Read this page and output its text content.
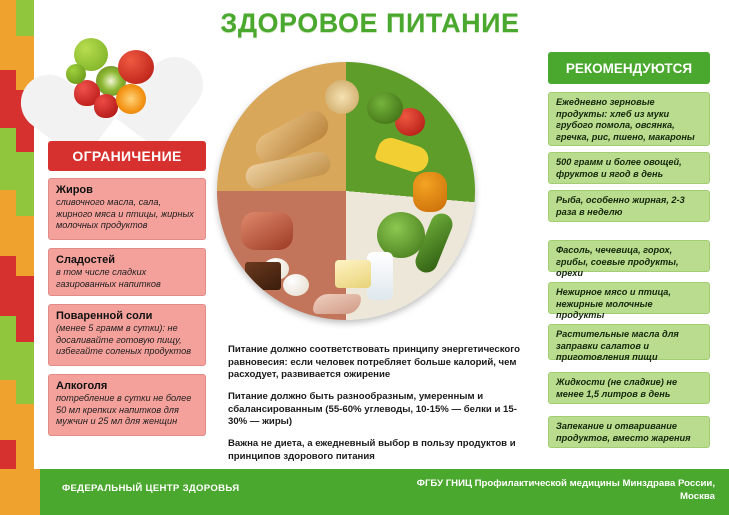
ЗДОРОВОЕ ПИТАНИЕ
ОГРАНИЧЕНИЕ
Жиров
сливочного масла, сала, жирного мяса и птицы, жирных молочных продуктов
Сладостей
в том числе сладких газированных напитков
Поваренной соли
(менее 5 грамм в сутки): не досаливайте готовую пищу, избегайте соленых продуктов
Алкоголя
потребление в сутки не более 50 мл крепких напитков для мужчин и 25 мл для женщин
РЕКОМЕНДУЮТСЯ
Ежедневно зерновые продукты: хлеб из муки грубого помола, овсянка, гречка, рис, пшено, макароны
500 грамм и более овощей, фруктов и ягод в день
Рыба, особенно жирная, 2-3 раза в неделю
Фасоль, чечевица, горох, грибы, соевые продукты, орехи
Нежирное мясо и птица, нежирные молочные продукты
Растительные масла для заправки салатов и приготовления пищи
Жидкости (не сладкие) не менее 1,5 литров в день
Запекание и отваривание продуктов, вместо жарения

Питание должно соответствовать принципу энергетического равновесия: если человек потребляет больше калорий, чем расходует, развивается ожирение

Питание должно быть разнообразным, умеренным и сбалансированным (55-60% углеводы, 10-15% — белки и 15-30% — жиры)

Важна не диета, а ежедневный выбор в пользу продуктов и принципов здорового питания

ФЕДЕРАЛЬНЫЙ ЦЕНТР ЗДОРОВЬЯ	ФГБУ ГНИЦ Профилактической медицины Минздрава России, Москва
